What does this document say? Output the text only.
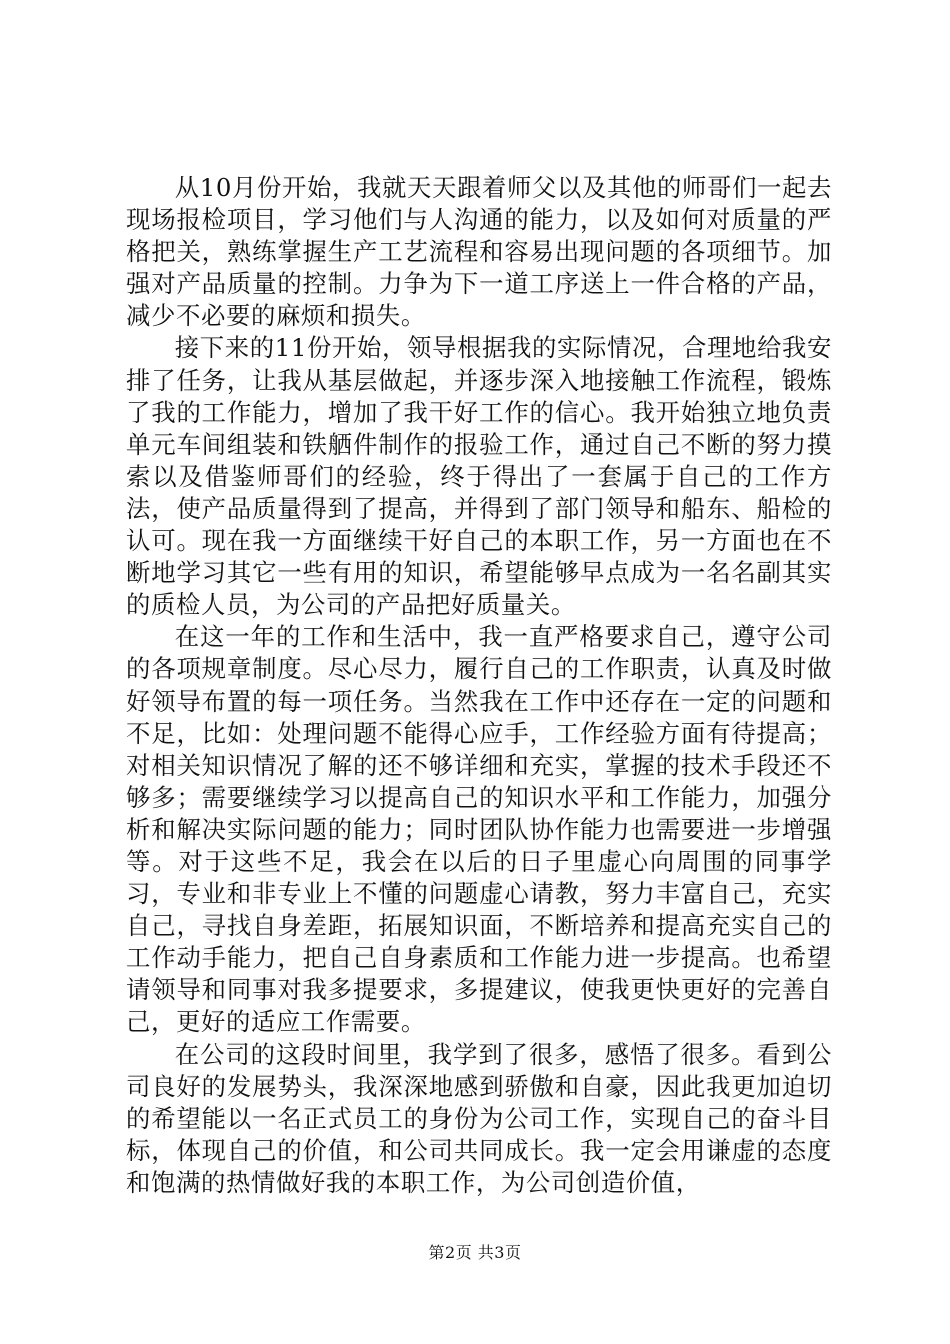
从10月份开始，我就天天跟着师父以及其他的师哥们一起去现场报检项目，学习他们与人沟通的能力，以及如何对质量的严格把关，熟练掌握生产工艺流程和容易出现问题的各项细节。加强对产品质量的控制。力争为下一道工序送上一件合格的产品，减少不必要的麻烦和损失。

接下来的11份开始，领导根据我的实际情况，合理地给我安排了任务，让我从基层做起，并逐步深入地接触工作流程，锻炼了我的工作能力，增加了我干好工作的信心。我开始独立地负责单元车间组装和铁舾件制作的报验工作，通过自己不断的努力摸索以及借鉴师哥们的经验，终于得出了一套属于自己的工作方法，使产品质量得到了提高，并得到了部门领导和船东、船检的认可。现在我一方面继续干好自己的本职工作，另一方面也在不断地学习其它一些有用的知识，希望能够早点成为一名名副其实的质检人员，为公司的产品把好质量关。

在这一年的工作和生活中，我一直严格要求自己，遵守公司的各项规章制度。尽心尽力，履行自己的工作职责，认真及时做好领导布置的每一项任务。当然我在工作中还存在一定的问题和不足，比如：处理问题不能得心应手，工作经验方面有待提高；对相关知识情况了解的还不够详细和充实，掌握的技术手段还不够多；需要继续学习以提高自己的知识水平和工作能力，加强分析和解决实际问题的能力；同时团队协作能力也需要进一步增强等。对于这些不足，我会在以后的日子里虚心向周围的同事学习，专业和非专业上不懂的问题虚心请教，努力丰富自己，充实自己，寻找自身差距，拓展知识面，不断培养和提高充实自己的工作动手能力，把自己自身素质和工作能力进一步提高。也希望请领导和同事对我多提要求，多提建议，使我更快更好的完善自己，更好的适应工作需要。

在公司的这段时间里，我学到了很多，感悟了很多。看到公司良好的发展势头，我深深地感到骄傲和自豪，因此我更加迫切的希望能以一名正式员工的身份为公司工作，实现自己的奋斗目标，体现自己的价值，和公司共同成长。我一定会用谦虚的态度和饱满的热情做好我的本职工作，为公司创造价值，

第2页 共3页
